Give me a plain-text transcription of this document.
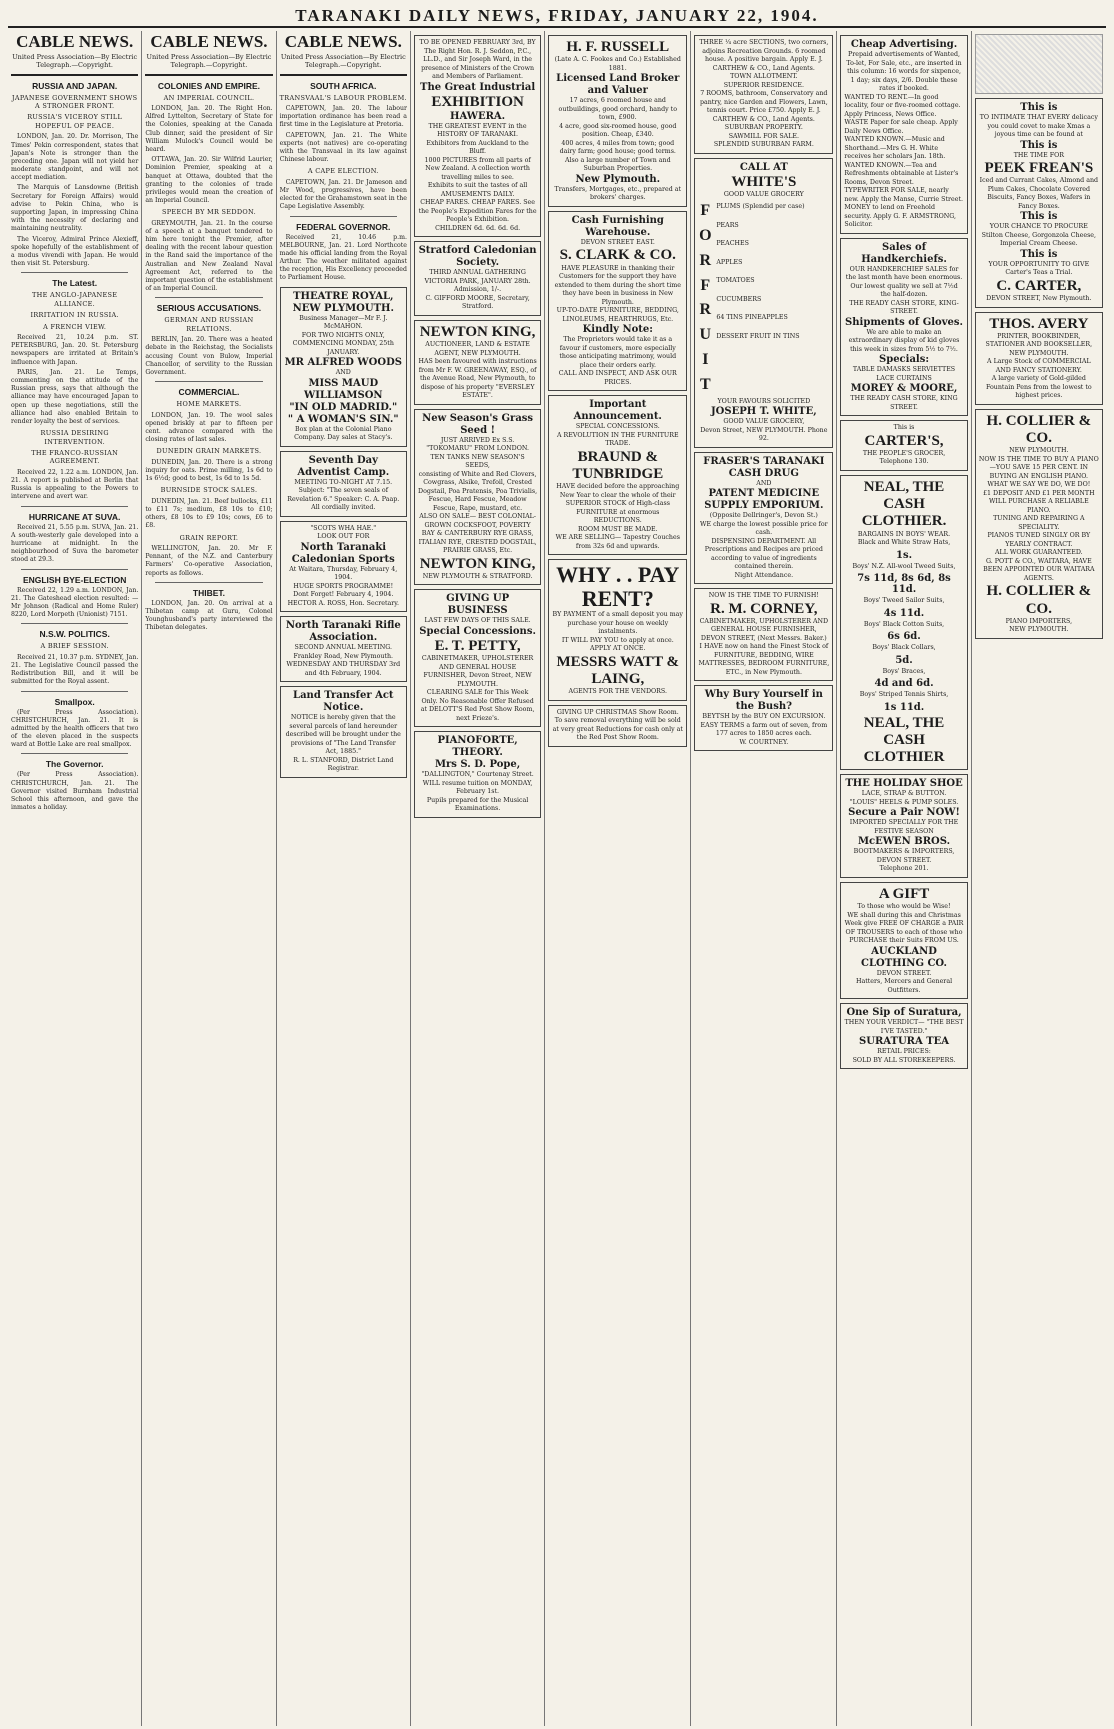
TARANAKI DAILY NEWS, FRIDAY, JANUARY 22, 1904.
CABLE NEWS.
United Press Association—By Electric Telegraph.—Copyright.
RUSSIA AND JAPAN.
JAPANESE GOVERNMENT SHOWS A STRONGER FRONT.
RUSSIA'S VICEROY STILL HOPEFUL OF PEACE.

LONDON, Jan. 20. Dr. Morrison, The Times' Pekin correspondent, states that Japan's Note is stronger than the preceding one. Japan will not yield her moderate standpoint, and will not accept mediation.

The Marquis of Lansdowne (British Secretary for Foreign Affairs) would advise to Pekin China, who is supporting Japan, in impressing China with the necessity of declaring and maintaining neutrality.

The Viceroy, Admiral Prince Alexieff, spoke hopefully of the establishment of a modus vivendi with Japan. He would then visit St. Petersburg.

The Latest.
THE ANGLO-JAPANESE ALLIANCE.
IRRITATION IN RUSSIA.
A FRENCH VIEW.

Received 21, 10.24 p.m. ST. PETERSBURG, Jan. 20. St. Petersburg newspapers are irritated at Britain's influence with Japan.

PARIS, Jan. 21. Le Temps, commenting on the attitude of the Russian press, says that although the alliance may have encouraged Japan to open up these negotiations, still the alliance had also enabled Britain to render loyalty the best of services.

RUSSIA DESIRING INTERVENTION.
THE FRANCO-RUSSIAN AGREEMENT.

Received 22, 1.22 a.m. LONDON, Jan. 21. A report is published at Berlin that Russia is appealing to the Powers to intervene and avert war.

HURRICANE AT SUVA.

Received 21, 5.55 p.m. SUVA, Jan. 21. A south-westerly gale developed into a hurricane at midnight. In the neighbourhood of Suva the barometer stood at 29.3.

ENGLISH BYE-ELECTION

Received 22, 1.29 a.m. LONDON, Jan. 21. The Gateshead election resulted: — Mr Johnson (Radical and Home Ruler) 8220, Lord Morpeth (Unionist) 7151.

N.S.W. POLITICS.
A BRIEF SESSION.

Received 21, 10.37 p.m. SYDNEY, Jan. 21. The Legislative Council passed the Redistribution Bill, and it will be submitted for the Royal assent.

Smallpox.

(Per Press Association). CHRISTCHURCH, Jan. 21. It is admitted by the health officers that two of the eleven placed in the suspects ward at Bottle Lake are real smallpox.

The Governor.

(Per Press Association). CHRISTCHURCH, Jan. 21. The Governor visited Burnham Industrial School this afternoon, and gave the inmates a holiday.

CABLE NEWS.
United Press Association—By Electric Telegraph.—Copyright.
COLONIES AND EMPIRE.
AN IMPERIAL COUNCIL.

LONDON, Jan. 20. The Right Hon. Alfred Lyttelton, Secretary of State for the Colonies, speaking at the Canada Club dinner, said the president of Sir William Mulock's Council would be heard.

OTTAWA, Jan. 20. Sir Wilfrid Laurier, Dominion Premier, speaking at a banquet at Ottawa, doubted that the granting to the colonies of trade privileges would mean the creation of an Imperial Council.

SPEECH BY MR SEDDON.

GREYMOUTH, Jan. 21. In the course of a speech at a banquet tendered to him here tonight the Premier, after dealing with the recent labour question in the Rand said the importance of the Australian and New Zealand Naval Agreement Act, referred to the important question of the establishment of an Imperial Council.

SERIOUS ACCUSATIONS.
GERMAN AND RUSSIAN RELATIONS.

BERLIN, Jan. 20. There was a heated debate in the Reichstag, the Socialists accusing Count von Bulow, Imperial Chancellor, of servility to the Russian Government.

COMMERCIAL.
HOME MARKETS.

LONDON, Jan. 19. The wool sales opened briskly at par to fifteen per cent. advance compared with the closing rates of last sales.

DUNEDIN GRAIN MARKETS.

DUNEDIN, Jan. 20. There is a strong inquiry for oats. Prime milling, 1s 6d to 1s 6½d; good to best, 1s 6d to 1s 5d.

BURNSIDE STOCK SALES.

DUNEDIN, Jan. 21. Beef bullocks, £11 to £11 7s; medium, £8 10s to £10; others, £8 10s to £9 10s; cows, £6 to £8.

GRAIN REPORT.

WELLINGTON, Jan. 20. Mr F. Pennant, of the N.Z. and Canterbury Farmers' Co-operative Association, reports as follows.

THIBET.

LONDON, Jan. 20. On arrival at a Thibetan camp at Guru, Colonel Younghusband's party interviewed the Thibetan delegates.

CABLE NEWS.
United Press Association—By Electric Telegraph.—Copyright.
SOUTH AFRICA.
TRANSVAAL'S LABOUR PROBLEM.

CAPETOWN, Jan. 20. The labour importation ordinance has been read a first time in the Legislature at Pretoria.

CAPETOWN, Jan. 21. The White experts (not natives) are co-operating with the Transvaal in its law against Chinese labour.

A CAPE ELECTION.

CAPETOWN, Jan. 21. Dr Jameson and Mr Wood, progressives, have been elected for the Grahamstown seat in the Cape Legislative Assembly.

FEDERAL GOVERNOR.

Received 21, 10.46 p.m. MELBOURNE, Jan. 21. Lord Northcote made his official landing from the Royal Arthur. The weather militated against the reception, His Excellency proceeded to Parliament House.

THEATRE ROYAL, NEW PLYMOUTH.
Business Manager—Mr F. J. McMAHON.
FOR TWO NIGHTS ONLY, COMMENCING MONDAY, 25th JANUARY.
MR ALFRED WOODS
AND
MISS MAUD WILLIAMSON
"IN OLD MADRID."
" A WOMAN'S SIN."
Box plan at the Colonial Piano Company. Day sales at Stacy's.
Seventh Day Adventist Camp.
MEETING TO-NIGHT AT 7.15.
Subject: "The seven seals of Revelation 6." Speaker: C. A. Paap. All cordially invited.
"SCOTS WHA HAE."
LOOK OUT FOR
North Taranaki Caledonian Sports
At Waitara, Thursday, February 4, 1904.
HUGE SPORTS PROGRAMME!
Dont Forget! February 4, 1904. HECTOR A. ROSS, Hon. Secretary.
North Taranaki Rifle Association.
SECOND ANNUAL MEETING.
Frankley Road, New Plymouth.
WEDNESDAY AND THURSDAY 3rd and 4th February, 1904.
Land Transfer Act Notice.
NOTICE is hereby given that the several parcels of land hereunder described will be brought under the provisions of "The Land Transfer Act, 1885."
R. L. STANFORD, District Land Registrar.
TO BE OPENED FEBRUARY 3rd, BY
The Right Hon. R. J. Seddon, P.C., LL.D., and Sir Joseph Ward, in the presence of Ministers of the Crown and Members of Parliament.
The Great Industrial
EXHIBITION
HAWERA.
THE GREATEST EVENT in the HISTORY OF TARANAKI.
Exhibitors from Auckland to the Bluff.
1000 PICTURES from all parts of New Zealand. A collection worth travelling miles to see.
Exhibits to suit the tastes of all AMUSEMENTS DAILY.
CHEAP FARES. CHEAP FARES. See the People's Expedition Fares for the People's Exhibition.
CHILDREN 6d. 6d. 6d. 6d.
Stratford Caledonian Society.
THIRD ANNUAL GATHERING
VICTORIA PARK, JANUARY 28th.
Admission, 1/-.
C. GIFFORD MOORE, Secretary, Stratford.
NEWTON KING,
AUCTIONEER, LAND & ESTATE AGENT, NEW PLYMOUTH.
HAS been favoured with instructions from Mr F. W. GREENAWAY, ESQ., of the Avenue Road, New Plymouth, to dispose of his property "EVERSLEY ESTATE".
New Season's Grass Seed !
JUST ARRIVED Ex S.S. "TOKOMARU" FROM LONDON.
TEN TANKS NEW SEASON'S SEEDS,
consisting of White and Red Clovers, Cowgrass, Alsike, Trefoil, Crested Dogstail, Poa Pratensis, Poa Trivialis, Fescue, Hard Fescue, Meadow Fescue, Rape, mustard, etc.
ALSO ON SALE— BEST COLONIAL-GROWN COCKSFOOT, POVERTY BAY & CANTERBURY RYE GRASS, ITALIAN RYE, CRESTED DOGSTAIL, PRAIRIE GRASS, Etc.
NEWTON KING,
NEW PLYMOUTH & STRATFORD.
GIVING UP BUSINESS
LAST FEW DAYS OF THIS SALE.
Special Concessions.
E. T. PETTY,
CABINETMAKER, UPHOLSTERER AND GENERAL HOUSE FURNISHER, Devon Street, NEW PLYMOUTH.
CLEARING SALE for This Week Only. No Reasonable Offer Refused at DELOTT'S Red Post Show Room, next Frieze's.
PIANOFORTE, THEORY.
Mrs S. D. Pope,
"DALLINGTON," Courtenay Street.
WILL resume tuition on MONDAY, February 1st.
Pupils prepared for the Musical Examinations.
H. F. RUSSELL
(Late A. C. Fookes and Co.) Established 1881.
Licensed Land Broker and Valuer
17 acres, 6 roomed house and outbuildings, good orchard, handy to town, £900.
4 acre, good six-roomed house, good position. Cheap, £340.
400 acres, 4 miles from town; good dairy farm; good house; good terms.
Also a large number of Town and Suburban Properties.
New Plymouth.
Transfers, Mortgages, etc., prepared at brokers' charges.
Cash Furnishing Warehouse.
DEVON STREET EAST.
S. CLARK & CO.
HAVE PLEASURE in thanking their Customers for the support they have extended to them during the short time they have been in business in New Plymouth.
UP-TO-DATE FURNITURE, BEDDING, LINOLEUMS, HEARTHRUGS, Etc.
Kindly Note:
The Proprietors would take it as a favour if customers, more especially those anticipating matrimony, would place their orders early.
CALL AND INSPECT, AND ASK OUR PRICES.
Important Announcement.
SPECIAL CONCESSIONS.
A REVOLUTION IN THE FURNITURE TRADE.
BRAUND & TUNBRIDGE
HAVE decided before the approaching New Year to clear the whole of their SUPERIOR STOCK of High-class FURNITURE at enormous REDUCTIONS.
ROOM MUST BE MADE.
WE ARE SELLING— Tapestry Couches from 32s 6d and upwards.
WHY . . PAY RENT?
BY PAYMENT of a small deposit you may purchase your house on weekly instalments.
IT WILL PAY YOU to apply at once.
APPLY AT ONCE.
MESSRS WATT & LAING,
AGENTS FOR THE VENDORS.
GIVING UP CHRISTMAS Show Room. To save removal everything will be sold at very great Reductions for cash only at the Red Post Show Room.
THREE ¼ acre SECTIONS, two corners, adjoins Recreation Grounds. 6 roomed house. A positive bargain. Apply E. J. CARTHEW & CO., Land Agents.
TOWN ALLOTMENT.
SUPERIOR RESIDENCE.
7 ROOMS, bathroom, Conservatory and pantry, nice Garden and Flowers, Lawn, tennis court. Price £750. Apply E. J. CARTHEW & CO., Land Agents.
SUBURBAN PROPERTY.
SAWMILL FOR SALE.
SPLENDID SUBURBAN FARM.
CALL AT
WHITE'S
GOOD VALUE GROCERY
FORFRUIT
PLUMS (Splendid per case)
PEARS
PEACHES
APPLES
TOMATOES
CUCUMBERS
64 TINS PINEAPPLES
DESSERT FRUIT IN TINS
YOUR FAVOURS SOLICITED
JOSEPH T. WHITE,
GOOD VALUE GROCERY,
Devon Street, NEW PLYMOUTH. Phone 92.
FRASER'S TARANAKI CASH DRUG
AND
PATENT MEDICINE SUPPLY EMPORIUM.
(Opposite Dellringer's, Devon St.)
WE charge the lowest possible price for cash.
DISPENSING DEPARTMENT. All Prescriptions and Recipes are priced according to value of ingredients contained therein.
Night Attendance.
NOW IS THE TIME TO FURNISH!
R. M. CORNEY,
CABINETMAKER, UPHOLSTERER AND GENERAL HOUSE FURNISHER,
DEVON STREET, (Next Messrs. Baker.)
I HAVE now on hand the Finest Stock of FURNITURE, BEDDING, WIRE MATTRESSES, BEDROOM FURNITURE, ETC., in New Plymouth.
Why Bury Yourself in the Bush?
BEYTSH by the BUY ON EXCURSION. EASY TERMS a farm out of seven, from 177 acres to 1850 acres each.
W. COURTNEY.
Cheap Advertising.
Prepaid advertisements of Wanted, To-let, For Sale, etc., are inserted in this column: 16 words for sixpence, 1 day; six days, 2/6. Double these rates if booked.
WANTED TO RENT.—In good locality, four or five-roomed cottage. Apply Princess, News Office.
WASTE Paper for sale cheap. Apply Daily News Office.
WANTED KNOWN.—Music and Shorthand.—Mrs G. H. White receives her scholars Jan. 18th.
WANTED KNOWN.—Tea and Refreshments obtainable at Lister's Rooms, Devon Street.
TYPEWRITER FOR SALE, nearly new. Apply the Manse, Currie Street.
MONEY to lend on Freehold security. Apply G. F. ARMSTRONG, Solicitor.
Sales of Handkerchiefs.
OUR HANDKERCHIEF SALES for the last month have been enormous. Our lowest quality we sell at 7½d the half-dozen.
THE READY CASH STORE, KING-STREET.
Shipments of Gloves.
We are able to make an extraordinary display of kid gloves this week in sizes from 5½ to 7½.
Specials:
TABLE DAMASKS SERVIETTES LACE CURTAINS
MOREY & MOORE,
THE READY CASH STORE, KING STREET.
This is
CARTER'S,
THE PEOPLE'S GROCER,
Telephone 130.
NEAL, THE CASH CLOTHIER.
BARGAINS IN BOYS' WEAR.
Black and White Straw Hats,
1s.
Boys' N.Z. All-wool Tweed Suits,
7s 11d, 8s 6d, 8s 11d.
Boys' Tweed Sailor Suits,
4s 11d.
Boys' Black Cotton Suits,
6s 6d.
Boys' Black Collars,
5d.
Boys' Braces,
4d and 6d.
Boys' Striped Tennis Shirts,
1s 11d.
NEAL, THE CASH CLOTHIER
THE HOLIDAY SHOE
LACE, STRAP & BUTTON.
"LOUIS" HEELS & PUMP SOLES.
Secure a Pair NOW!
IMPORTED SPECIALLY FOR THE FESTIVE SEASON
McEWEN BROS.
BOOTMAKERS & IMPORTERS, DEVON STREET.
Telephone 201.
A GIFT
To those who would be Wise!
WE shall during this and Christmas Week give FREE OF CHARGE a PAIR OF TROUSERS to each of those who PURCHASE their Suits FROM US.
AUCKLAND CLOTHING CO.
DEVON STREET.
Hatters, Mercers and General Outfitters.
One Sip of Suratura,
THEN YOUR VERDICT— "THE BEST I'VE TASTED."
SURATURA TEA
RETAIL PRICES:
SOLD BY ALL STOREKEEPERS.
This is
TO INTIMATE THAT EVERY delicacy you could covet to make Xmas a joyous time can be found at
This is
THE TIME FOR
PEEK FREAN'S
Iced and Currant Cakes, Almond and Plum Cakes, Chocolate Covered Biscuits, Fancy Boxes, Wafers in Fancy Boxes.
This is
YOUR CHANCE TO PROCURE Stilton Cheese, Gorgonzola Cheese, Imperial Cream Cheese.
This is
YOUR OPPORTUNITY TO GIVE Carter's Teas a Trial.
C. CARTER,
DEVON STREET, New Plymouth.
THOS. AVERY
PRINTER, BOOKBINDER, STATIONER AND BOOKSELLER, NEW PLYMOUTH.
A Large Stock of COMMERCIAL AND FANCY STATIONERY.
A large variety of Gold-gilded Fountain Pens from the lowest to highest prices.
H. COLLIER & CO.
NEW PLYMOUTH.
NOW IS THE TIME TO BUY A PIANO—YOU SAVE 15 PER CENT. IN BUYING AN ENGLISH PIANO.
WHAT WE SAY WE DO, WE DO!
£1 DEPOSIT AND £1 PER MONTH WILL PURCHASE A RELIABLE PIANO.
TUNING AND REPAIRING A SPECIALITY.
PIANOS TUNED SINGLY OR BY YEARLY CONTRACT.
ALL WORK GUARANTEED.
G. POTT & CO., WAITARA, HAVE BEEN APPOINTED OUR WAITARA AGENTS.
H. COLLIER & CO.
PIANO IMPORTERS,
NEW PLYMOUTH.
